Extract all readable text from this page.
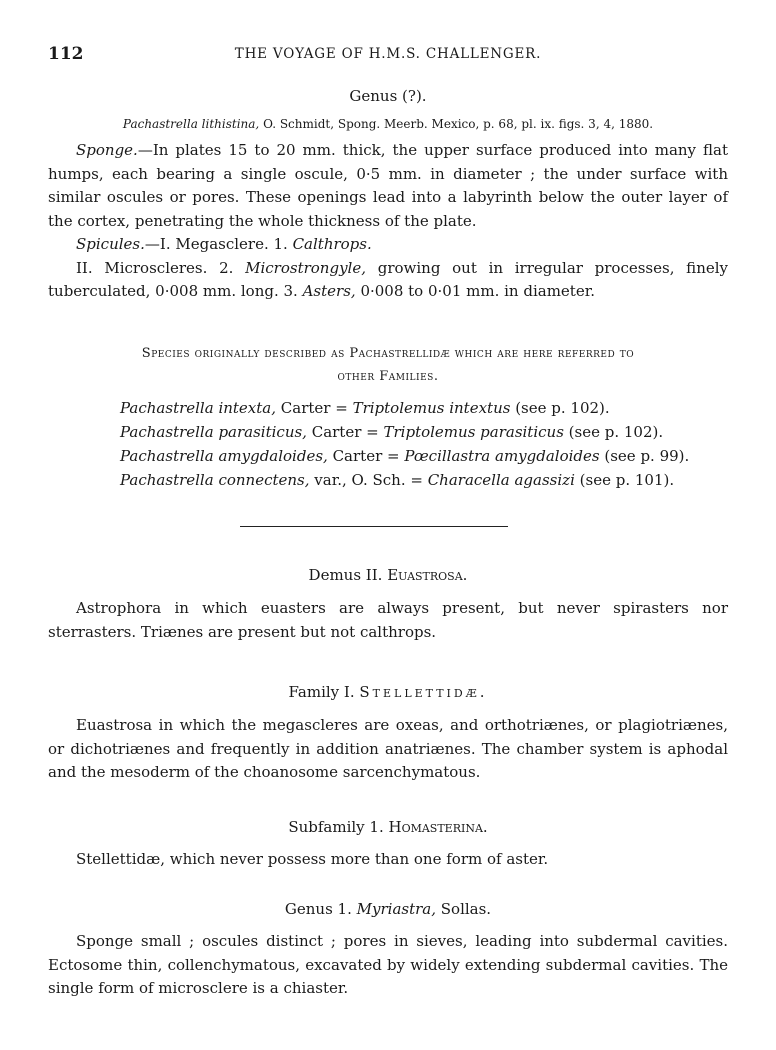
112	THE VOYAGE OF H.M.S. CHALLENGER.
Genus (?).
Pachastrella lithistina, O. Schmidt, Spong. Meerb. Mexico, p. 68, pl. ix. figs. 3, 4, 1880.

Sponge.—In plates 15 to 20 mm. thick, the upper surface produced into many flat humps, each bearing a single oscule, 0·5 mm. in diameter ; the under surface with similar oscules or pores. These openings lead into a labyrinth below the outer layer of the cortex, penetrating the whole thickness of the plate.

Spicules.—I. Megasclere. 1. Calthrops.

II. Microscleres. 2. Microstrongyle, growing out in irregular processes, finely tuberculated, 0·008 mm. long. 3. Asters, 0·008 to 0·01 mm. in diameter.

Species originally described as Pachastrellidæ which are here referred to
other Families.
Pachastrella intexta, Carter = Triptolemus intextus (see p. 102).
Pachastrella parasiticus, Carter = Triptolemus parasiticus (see p. 102).
Pachastrella amygdaloides, Carter = Pœcillastra amygdaloides (see p. 99).
Pachastrella connectens, var., O. Sch. = Characella agassizi (see p. 101).
Demus II. Euastrosa.

Astrophora in which euasters are always present, but never spirasters nor sterrasters. Triænes are present but not calthrops.

Family I. Stellettidæ.

Euastrosa in which the megascleres are oxeas, and orthotriænes, or plagiotriænes, or dichotriænes and frequently in addition anatriænes. The chamber system is aphodal and the mesoderm of the choanosome sarcenchymatous.

Subfamily 1. Homasterina.

Stellettidæ, which never possess more than one form of aster.

Genus 1. Myriastra, Sollas.

Sponge small ; oscules distinct ; pores in sieves, leading into subdermal cavities. Ectosome thin, collenchymatous, excavated by widely extending subdermal cavities. The single form of microsclere is a chiaster.
